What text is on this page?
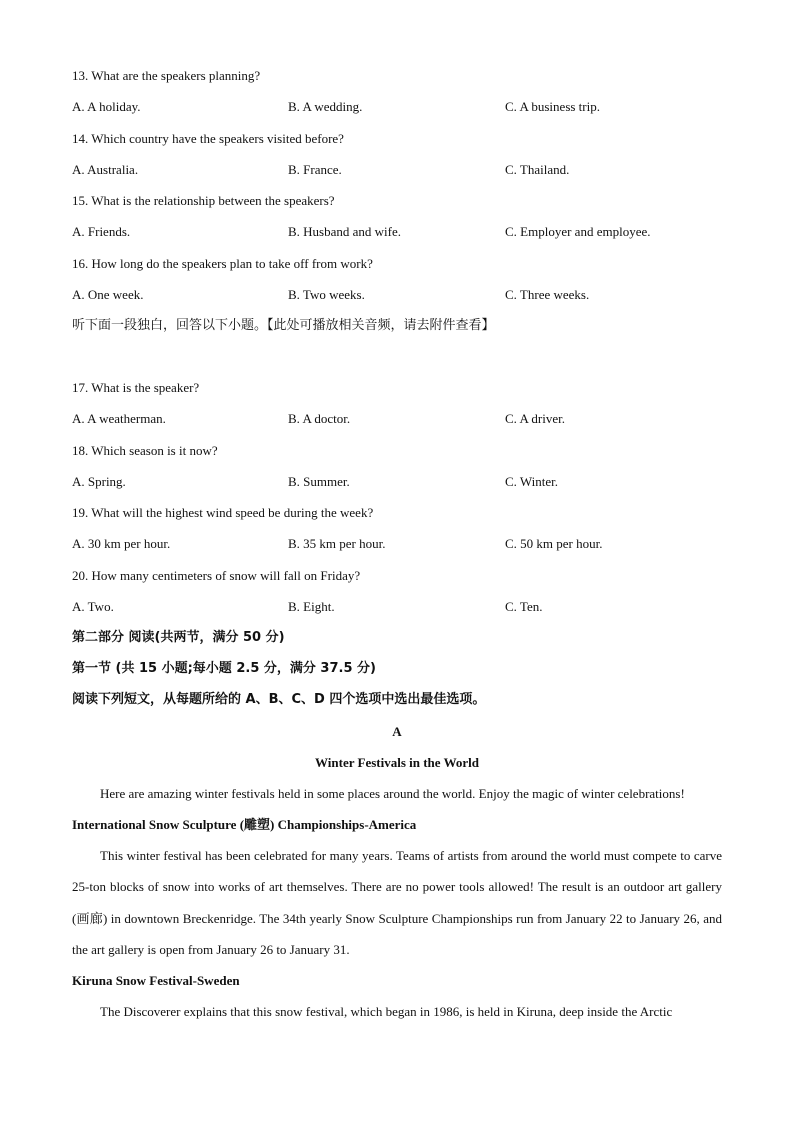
13. What are the speakers planning?
A. A holiday.	B. A wedding.	C. A business trip.
14. Which country have the speakers visited before?
A. Australia.	B. France.	C. Thailand.
15. What is the relationship between the speakers?
A. Friends.	B. Husband and wife.	C. Employer and employee.
16. How long do the speakers plan to take off from work?
A. One week.	B. Two weeks.	C. Three weeks.
听下面一段独白，回答以下小题。【此处可播放相关音频，请去附件查看】
17. What is the speaker?
A. A weatherman.	B. A doctor.	C. A driver.
18. Which season is it now?
A. Spring.	B. Summer.	C. Winter.
19. What will the highest wind speed be during the week?
A. 30 km per hour.	B. 35 km per hour.	C. 50 km per hour.
20. How many centimeters of snow will fall on Friday?
A. Two.	B. Eight.	C. Ten.
第二部分 阅读(共两节，满分 50 分)
第一节 (共 15 小题;每小题 2.5 分，满分 37.5 分)
阅读下列短文，从每题所给的 A、B、C、D 四个选项中选出最佳选项。
A
Winter Festivals in the World
Here are amazing winter festivals held in some places around the world. Enjoy the magic of winter celebrations!
International Snow Sculpture (雕塑) Championships-America
This winter festival has been celebrated for many years. Teams of artists from around the world must compete to carve 25-ton blocks of snow into works of art themselves. There are no power tools allowed! The result is an outdoor art gallery (画廊) in downtown Breckenridge. The 34th yearly Snow Sculpture Championships run from January 22 to January 26, and the art gallery is open from January 26 to January 31.
Kiruna Snow Festival-Sweden
The Discoverer explains that this snow festival, which began in 1986, is held in Kiruna, deep inside the Arctic
